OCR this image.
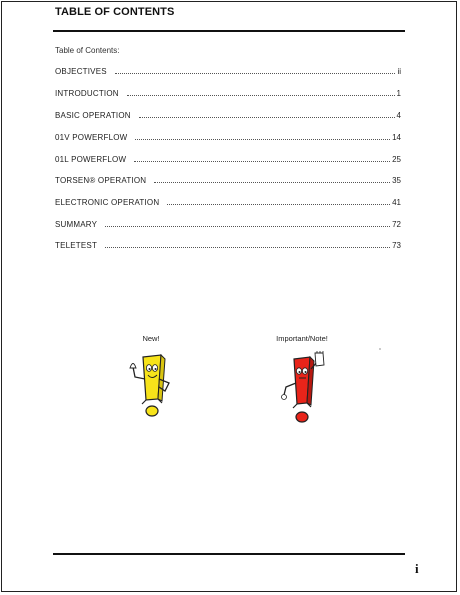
TABLE OF CONTENTS
Table of Contents:
OBJECTIVES	ii
INTRODUCTION	1
BASIC OPERATION	4
01V POWERFLOW	14
01L POWERFLOW	25
TORSEN® OPERATION	35
ELECTRONIC OPERATION	41
SUMMARY	72
TELETEST	73
New!	Important/Note!
i
